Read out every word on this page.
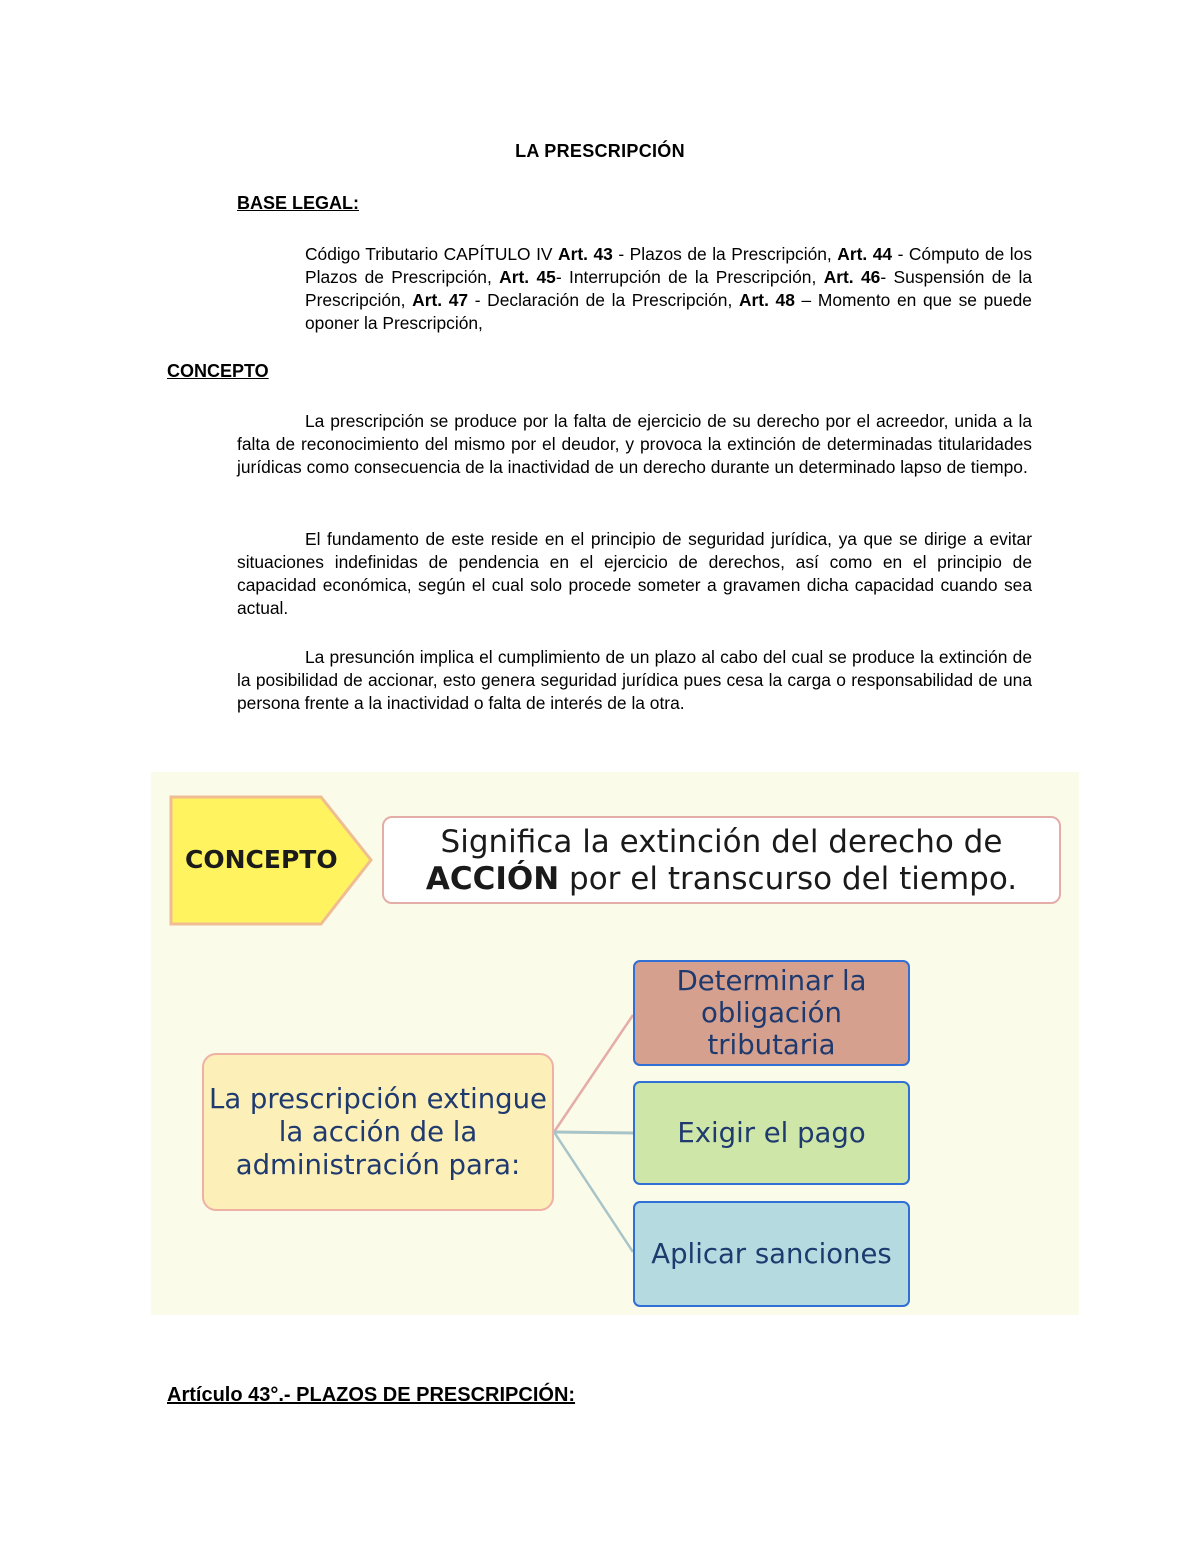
LA PRESCRIPCIÓN
BASE LEGAL:
Código Tributario CAPÍTULO IV Art. 43 - Plazos de la Prescripción, Art. 44 - Cómputo de los Plazos de Prescripción, Art. 45- Interrupción de la Prescripción, Art. 46- Suspensión de la Prescripción, Art. 47 - Declaración de la Prescripción, Art. 48 – Momento en que se puede oponer la Prescripción,
CONCEPTO
La prescripción se produce por la falta de ejercicio de su derecho por el acreedor, unida a la falta de reconocimiento del mismo por el deudor, y provoca la extinción de determinadas titularidades jurídicas como consecuencia de la inactividad de un derecho durante un determinado lapso de tiempo.
El fundamento de este reside en el principio de seguridad jurídica, ya que se dirige a evitar situaciones indefinidas de pendencia en el ejercicio de derechos, así como en el principio de capacidad económica, según el cual solo procede someter a gravamen dicha capacidad cuando sea actual.
La presunción implica el cumplimiento de un plazo al cabo del cual se produce la extinción de la posibilidad de accionar, esto genera seguridad jurídica pues cesa la carga o responsabilidad de una persona frente a la inactividad o falta de interés de la otra.
CONCEPTO	Significa la extinción del derecho de
ACCIÓN por el transcurso del tiempo.
La prescripción extingue
la acción de la
administración para:
Determinar la
obligación tributaria
Exigir el pago
Aplicar sanciones
Artículo 43°.- PLAZOS DE PRESCRIPCIÓN:
